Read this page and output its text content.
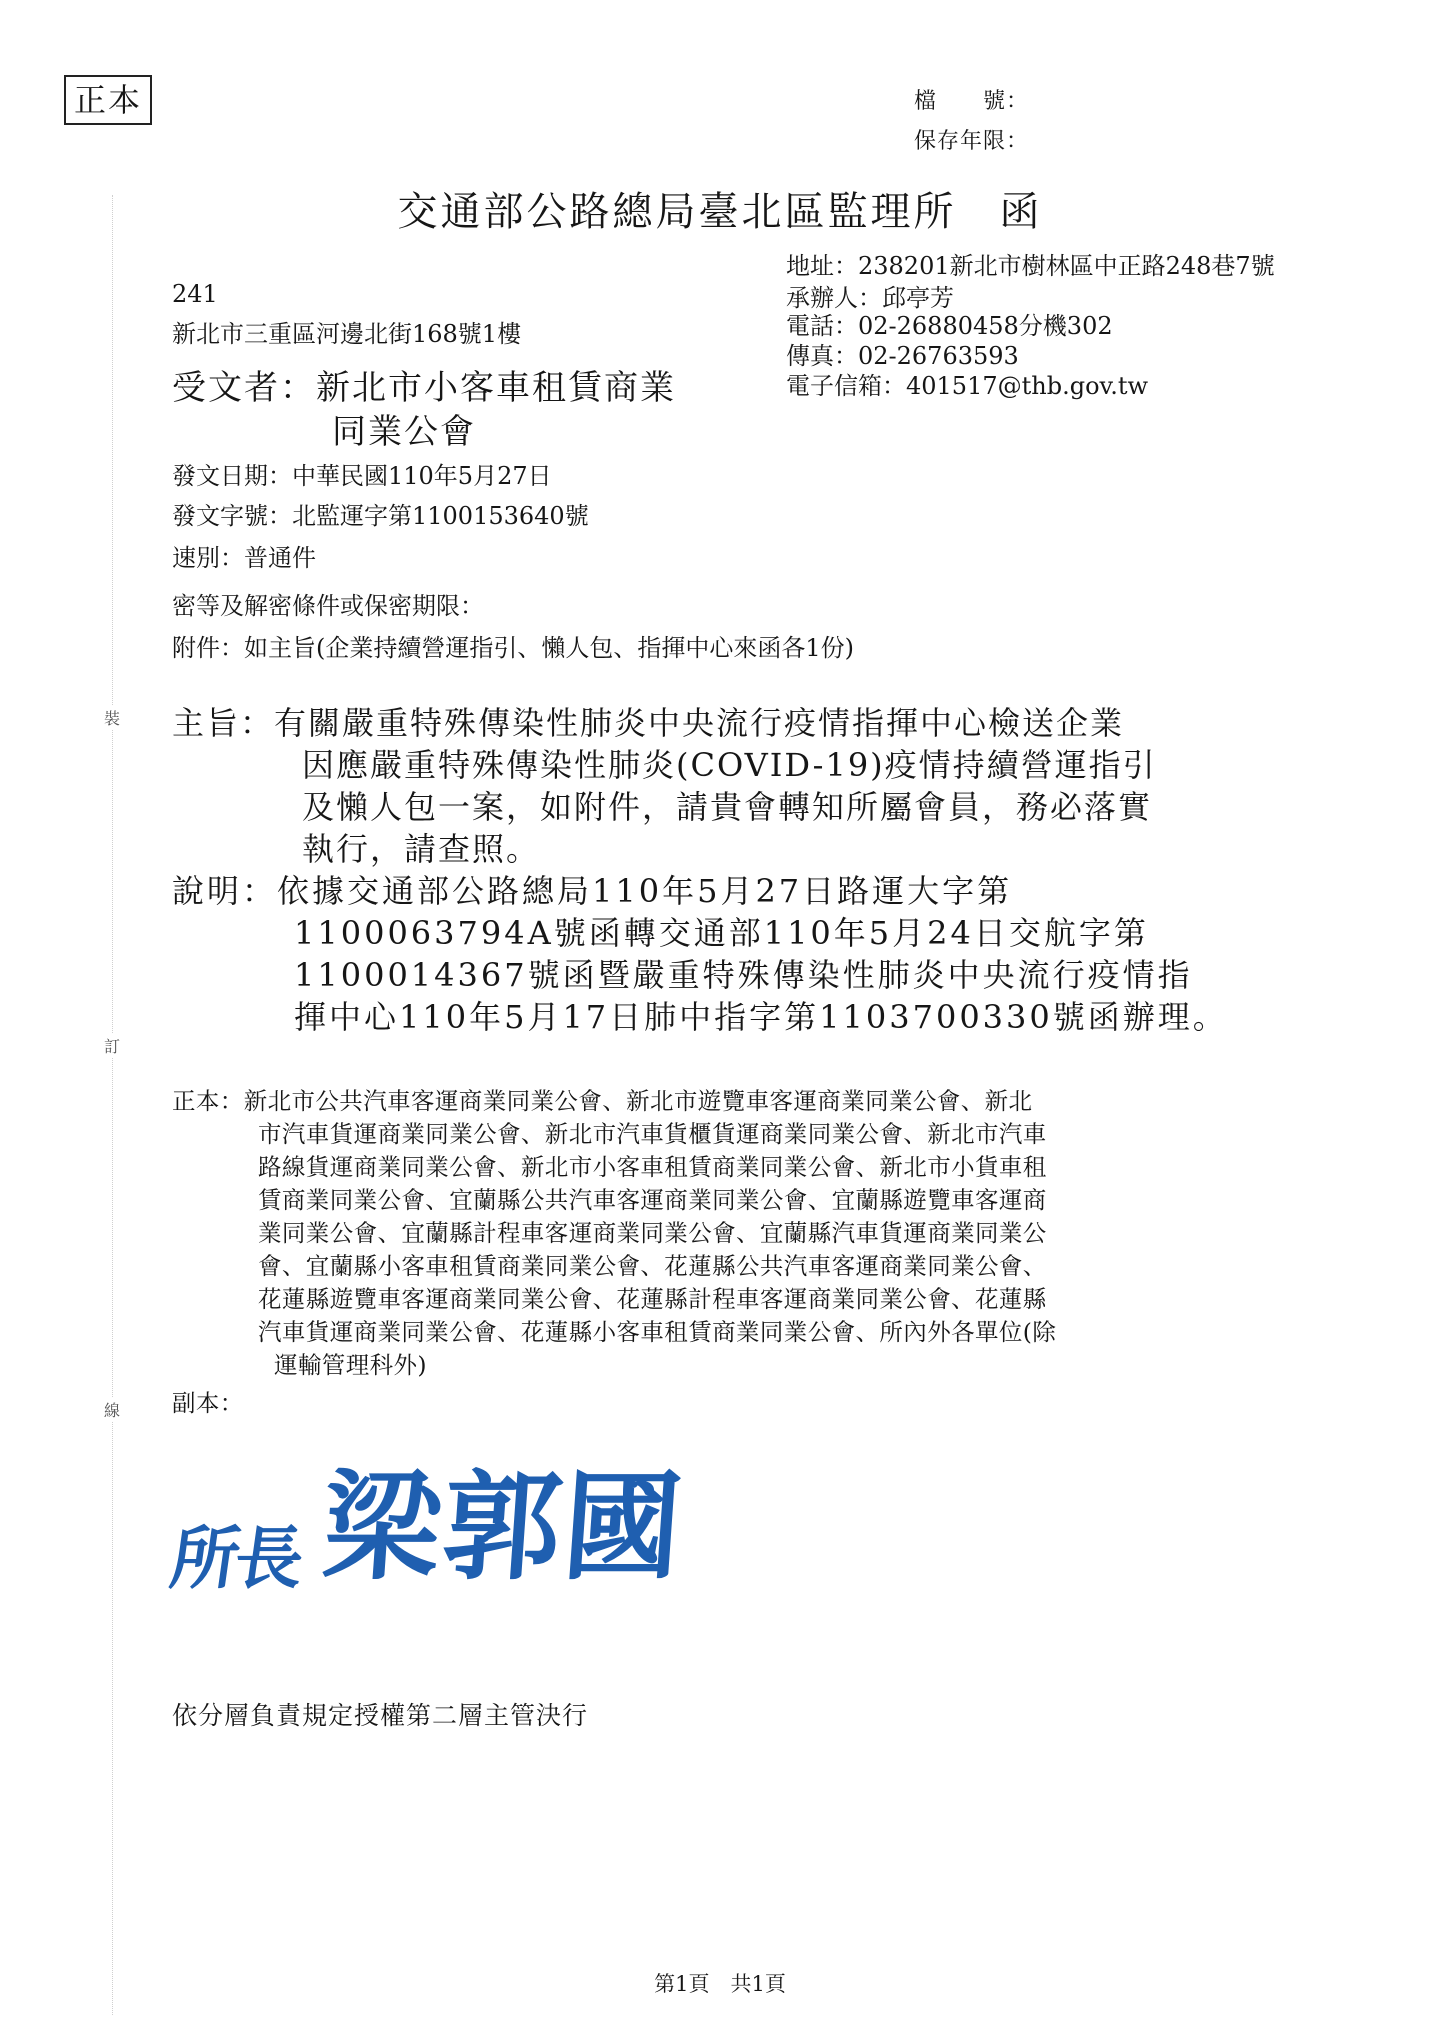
裝
訂
線
正本	檔　　號：
保存年限：
交通部公路總局臺北區監理所　函
地址：238201新北市樹林區中正路248巷7號
承辦人：邱亭芳
電話：02-26880458分機302
傳真：02-26763593
電子信箱：401517@thb.gov.tw
241
新北市三重區河邊北街168號1樓
受文者：新北市小客車租賃商業
同業公會
發文日期：中華民國110年5月27日
發文字號：北監運字第1100153640號
速別：普通件
密等及解密條件或保密期限：
附件：如主旨(企業持續營運指引、懶人包、指揮中心來函各1份)
主旨：有關嚴重特殊傳染性肺炎中央流行疫情指揮中心檢送企業
因應嚴重特殊傳染性肺炎(COVID-19)疫情持續營運指引
及懶人包一案，如附件，請貴會轉知所屬會員，務必落實
執行，請查照。
說明：依據交通部公路總局110年5月27日路運大字第
1100063794A號函轉交通部110年5月24日交航字第
1100014367號函暨嚴重特殊傳染性肺炎中央流行疫情指
揮中心110年5月17日肺中指字第1103700330號函辦理。
正本：新北市公共汽車客運商業同業公會、新北市遊覽車客運商業同業公會、新北
市汽車貨運商業同業公會、新北市汽車貨櫃貨運商業同業公會、新北市汽車
路線貨運商業同業公會、新北市小客車租賃商業同業公會、新北市小貨車租
賃商業同業公會、宜蘭縣公共汽車客運商業同業公會、宜蘭縣遊覽車客運商
業同業公會、宜蘭縣計程車客運商業同業公會、宜蘭縣汽車貨運商業同業公
會、宜蘭縣小客車租賃商業同業公會、花蓮縣公共汽車客運商業同業公會、
花蓮縣遊覽車客運商業同業公會、花蓮縣計程車客運商業同業公會、花蓮縣
汽車貨運商業同業公會、花蓮縣小客車租賃商業同業公會、所內外各單位(除
運輸管理科外)
副本：
所長 梁郭國
依分層負責規定授權第二層主管決行
第1頁　共1頁
